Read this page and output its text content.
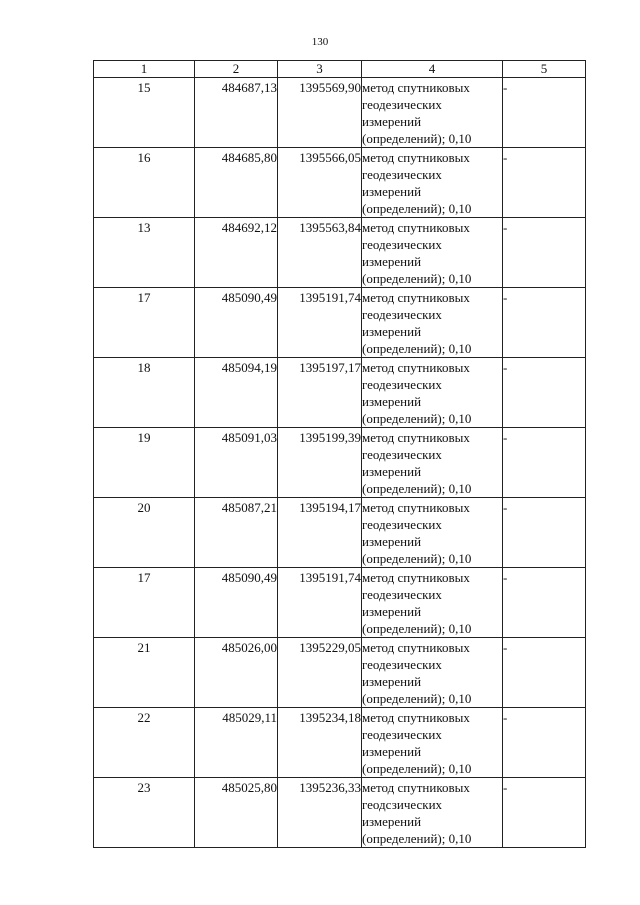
130
1	2	3	4	5
15	484687,13	1395569,90	метод спутниковых геодезических измерений (определений); 0,10	-
16	484685,80	1395566,05	метод спутниковых геодезических измерений (определений); 0,10	-
13	484692,12	1395563,84	метод спутниковых геодезических измерений (определений); 0,10	-
17	485090,49	1395191,74	метод спутниковых геодезических измерений (определений); 0,10	-
18	485094,19	1395197,17	метод спутниковых геодезических измерений (определений); 0,10	-
19	485091,03	1395199,39	метод спутниковых геодезических измерений (определений); 0,10	-
20	485087,21	1395194,17	метод спутниковых геодезических измерений (определений); 0,10	-
17	485090,49	1395191,74	метод спутниковых геодезических измерений (определений); 0,10	-
21	485026,00	1395229,05	метод спутниковых геодезических измерений (определений); 0,10	-
22	485029,11	1395234,18	метод спутниковых геодезических измерений (определений); 0,10	-
23	485025,80	1395236,33	метод спутниковых геодсзических измерений (определений); 0,10	-
